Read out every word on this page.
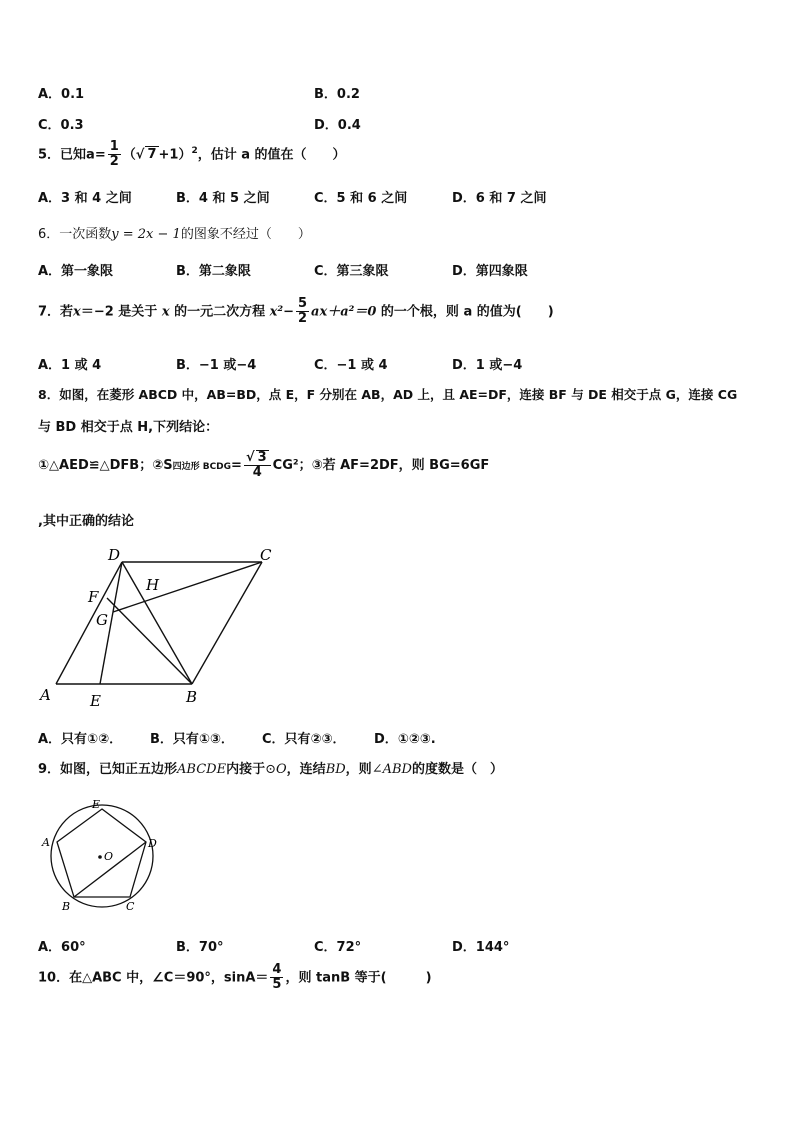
A．0.1	B．0.2
C．0.3	D．0.4
5．已知$a= \frac{1}{2}$ （√ 7 +1）$^2$，估计 a 的值在（　　）
A．3 和 4 之间	B．4 和 5 之间	C．5 和 6 之间	D．6 和 7 之间
6．一次函数y = 2x − 1的图象不经过（　　）
A．第一象限	B．第二象限	C．第三象限	D．第四象限
7．若x＝−2 是关于 x 的一元二次方程 $x^2- \frac{5}{2} ax+a^2=0$ 的一个根，则 a 的值为(　　)
A．1 或 4	B．−1 或−4	C．−1 或 4	D．1 或−4
8．如图，在菱形 ABCD 中，AB=BD，点 E，F 分别在 AB，AD 上，且 AE=DF，连接 BF 与 DE 相交于点 G，连接 CG
与 BD 相交于点 H,下列结论：
①△AED≌△DFB；②S四边形 BCDG= $\frac{√ 3}{4} CG^2$；③若 AF=2DF，则 BG=6GF
,其中正确的结论
D	C
H
F
G
A	E	B
A．只有①②． B．只有①③． C．只有②③． D．①②③.
9．如图，已知正五边形ABCDE内接于⊙O，连结BD，则∠ABD的度数是（　）
E
D
A
B	C
O
A．60°	B．70°	C．72°	D．144°
10．在△ABC 中，∠C＝90°，$\sin A= \frac{4}{5}$ ，则 tanB 等于(　　　)
